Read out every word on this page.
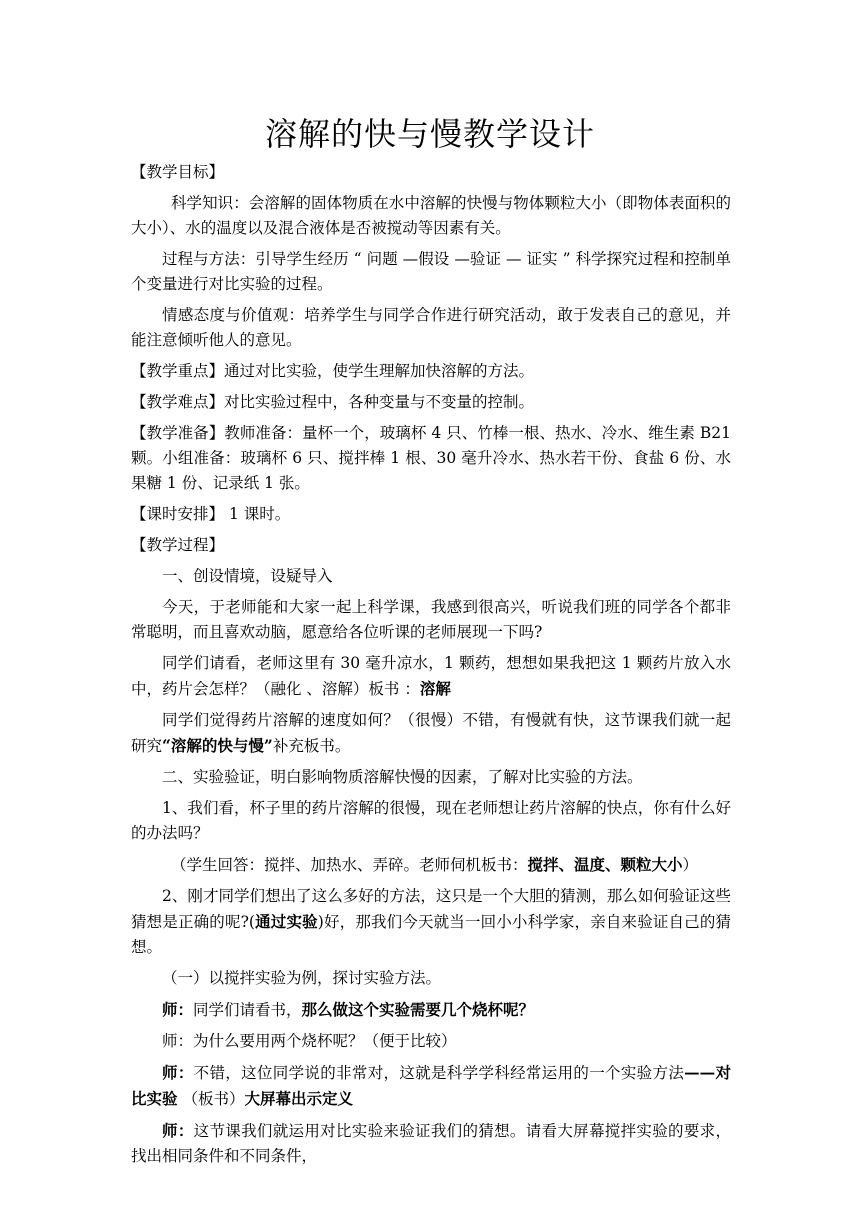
溶解的快与慢教学设计

【教学目标】

科学知识：会溶解的固体物质在水中溶解的快慢与物体颗粒大小（即物体表面积的大小）、水的温度以及混合液体是否被搅动等因素有关。

过程与方法：引导学生经历 “ 问题 —假设 —验证 — 证实 ” 科学探究过程和控制单个变量进行对比实验的过程。

情感态度与价值观：培养学生与同学合作进行研究活动，敢于发表自己的意见，并能注意倾听他人的意见。

【教学重点】通过对比实验，使学生理解加快溶解的方法。

【教学难点】对比实验过程中，各种变量与不变量的控制。

【教学准备】教师准备：量杯一个，玻璃杯 4 只、竹棒一根、热水、冷水、维生素 B21 颗。小组准备：玻璃杯 6 只、搅拌棒 1 根、30 毫升冷水、热水若干份、食盐 6 份、水果糖 1 份、记录纸 1 张。

【课时安排】 1 课时。

【教学过程】

一、创设情境，设疑导入

今天，于老师能和大家一起上科学课，我感到很高兴，听说我们班的同学各个都非常聪明，而且喜欢动脑，愿意给各位听课的老师展现一下吗?

同学们请看，老师这里有 30 毫升凉水，1 颗药，想想如果我把这 1 颗药片放入水中，药片会怎样？（融化 、溶解）板书 ：溶解

同学们觉得药片溶解的速度如何？（很慢）不错，有慢就有快，这节课我们就一起研究“溶解的快与慢”补充板书。

二、实验验证，明白影响物质溶解快慢的因素，了解对比实验的方法。

1、我们看，杯子里的药片溶解的很慢，现在老师想让药片溶解的快点，你有什么好的办法吗？

（学生回答：搅拌、加热水、弄碎。老师伺机板书：搅拌、温度、颗粒大小）

2、刚才同学们想出了这么多好的方法，这只是一个大胆的猜测，那么如何验证这些猜想是正确的呢?(通过实验)好，那我们今天就当一回小小科学家，亲自来验证自己的猜想。

（一）以搅拌实验为例，探讨实验方法。

师：同学们请看书，那么做这个实验需要几个烧杯呢？

师：为什么要用两个烧杯呢？（便于比较）

师：不错，这位同学说的非常对，这就是科学学科经常运用的一个实验方法——对比实验 （板书）大屏幕出示定义

师：这节课我们就运用对比实验来验证我们的猜想。请看大屏幕搅拌实验的要求，找出相同条件和不同条件，
